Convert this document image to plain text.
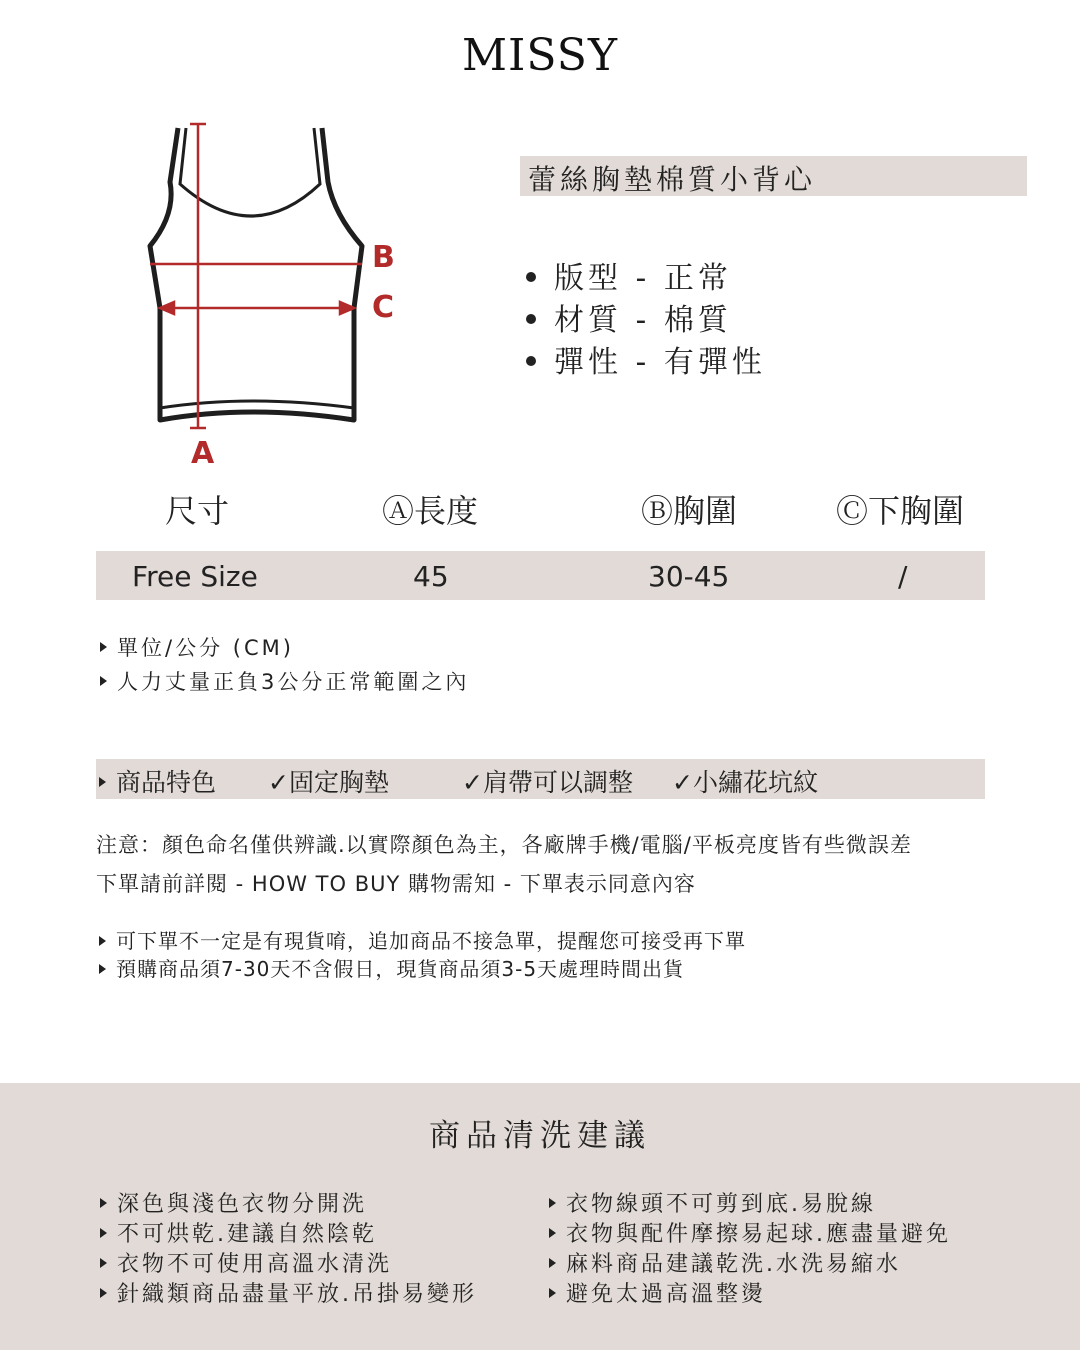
MISSY
B
C
A
蕾絲胸墊棉質小背心
版型 - 正常
材質 - 棉質
彈性 - 有彈性
尺寸	Ⓐ長度	Ⓑ胸圍	Ⓒ下胸圍
Free Size	45	30-45	/
單位/公分 (CM)
人力丈量正負3公分正常範圍之內
商品特色 ✓固定胸墊	✓肩帶可以調整 ✓小繡花坑紋
注意：顏色命名僅供辨識.以實際顏色為主，各廠牌手機/電腦/平板亮度皆有些微誤差
下單請前詳閱 - HOW TO BUY 購物需知 - 下單表示同意內容
可下單不一定是有現貨唷，追加商品不接急單，提醒您可接受再下單
預購商品須7-30天不含假日，現貨商品須3-5天處理時間出貨
商品清洗建議
深色與淺色衣物分開洗
不可烘乾.建議自然陰乾
衣物不可使用高溫水清洗
針織類商品盡量平放.吊掛易變形
衣物線頭不可剪到底.易脫線
衣物與配件摩擦易起球.應盡量避免
麻料商品建議乾洗.水洗易縮水
避免太過高溫整燙
